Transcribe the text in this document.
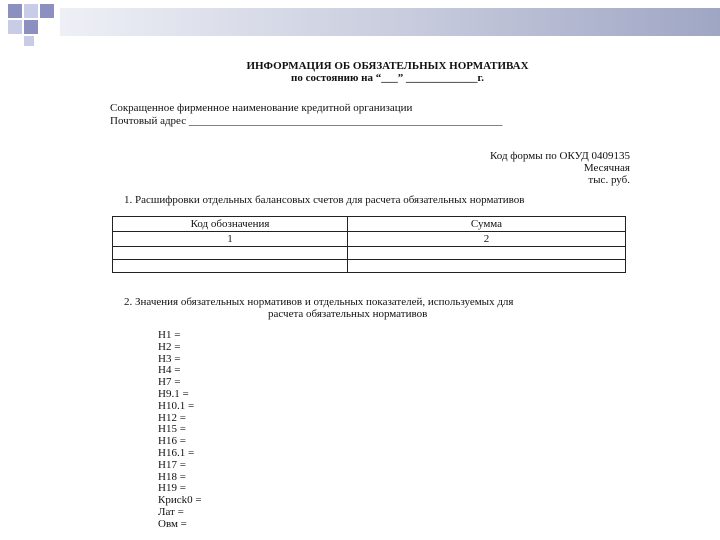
ИНФОРМАЦИЯ ОБ ОБЯЗАТЕЛЬНЫХ НОРМАТИВАХ
по состоянию на “___” _____________г.
Сокращенное фирменное наименование кредитной организации
Почтовый адрес _________________________________________________________
Код формы по ОКУД 0409135
Месячная
тыс. руб.
1. Расшифровки отдельных балансовых счетов для расчета обязательных нормативов
Код обозначения	Сумма
1	2

2. Значения обязательных нормативов и отдельных показателей, используемых для
расчета обязательных нормативов
Н1 =
Н2 =
Н3 =
Н4 =
Н7 =
Н9.1 =
Н10.1 =
Н12 =
Н15 =
Н16 =
Н16.1 =
Н17 =
Н18 =
Н19 =
Крисk0 =
Лат =
Овм =
